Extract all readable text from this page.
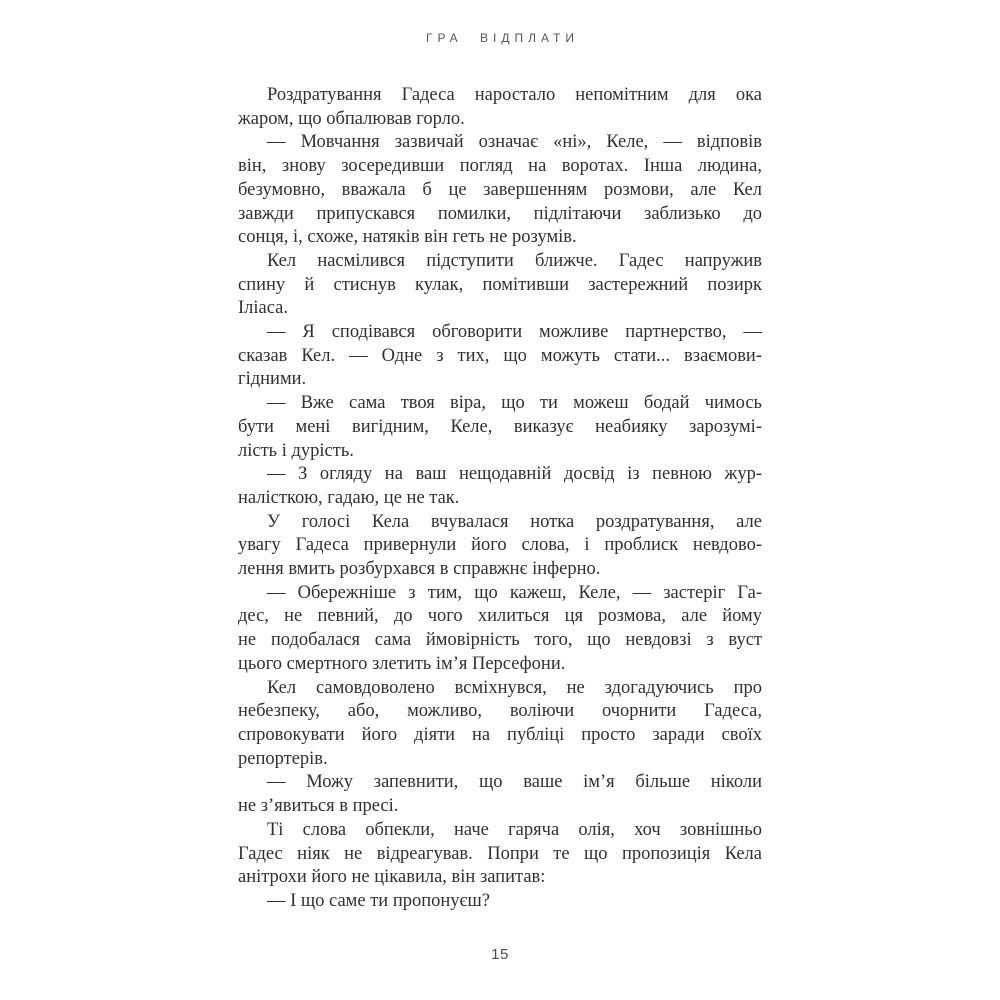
ГРА ВІДПЛАТИ

Роздратування Гадеса наростало непомітним для ока
жаром, що обпалював горло.

— Мовчання зазвичай означає «ні», Келе, — відповів
він, знову зосередивши погляд на воротах. Інша людина,
безумовно, вважала б це завершенням розмови, але Кел
завжди припускався помилки, підлітаючи заблизько до
сонця, і, схоже, натяків він геть не розумів.

Кел насмілився підступити ближче. Гадес напружив
спину й стиснув кулак, помітивши застережний позирк
Іліаса.

— Я сподівався обговорити можливе партнерство, —
сказав Кел. — Одне з тих, що можуть стати... взаємови-
гідними.

— Вже сама твоя віра, що ти можеш бодай чимось
бути мені вигідним, Келе, виказує неабияку зарозумі-
лість і дурість.

— З огляду на ваш нещодавній досвід із певною жур-
налісткою, гадаю, це не так.

У голосі Кела вчувалася нотка роздратування, але
увагу Гадеса привернули його слова, і проблиск невдово-
лення вмить розбурхався в справжнє інферно.

— Обережніше з тим, що кажеш, Келе, — застеріг Га-
дес, не певний, до чого хилиться ця розмова, але йому
не подобалася сама ймовірність того, що невдовзі з вуст
цього смертного злетить ім’я Персефони.

Кел самовдоволено всміхнувся, не здогадуючись про
небезпеку, або, можливо, воліючи очорнити Гадеса,
спровокувати його діяти на публіці просто заради своїх
репортерів.

— Можу запевнити, що ваше ім’я більше ніколи
не з’явиться в пресі.

Ті слова обпекли, наче гаряча олія, хоч зовнішньо
Гадес ніяк не відреагував. Попри те що пропозиція Кела
анітрохи його не цікавила, він запитав:

— І що саме ти пропонуєш?

15
